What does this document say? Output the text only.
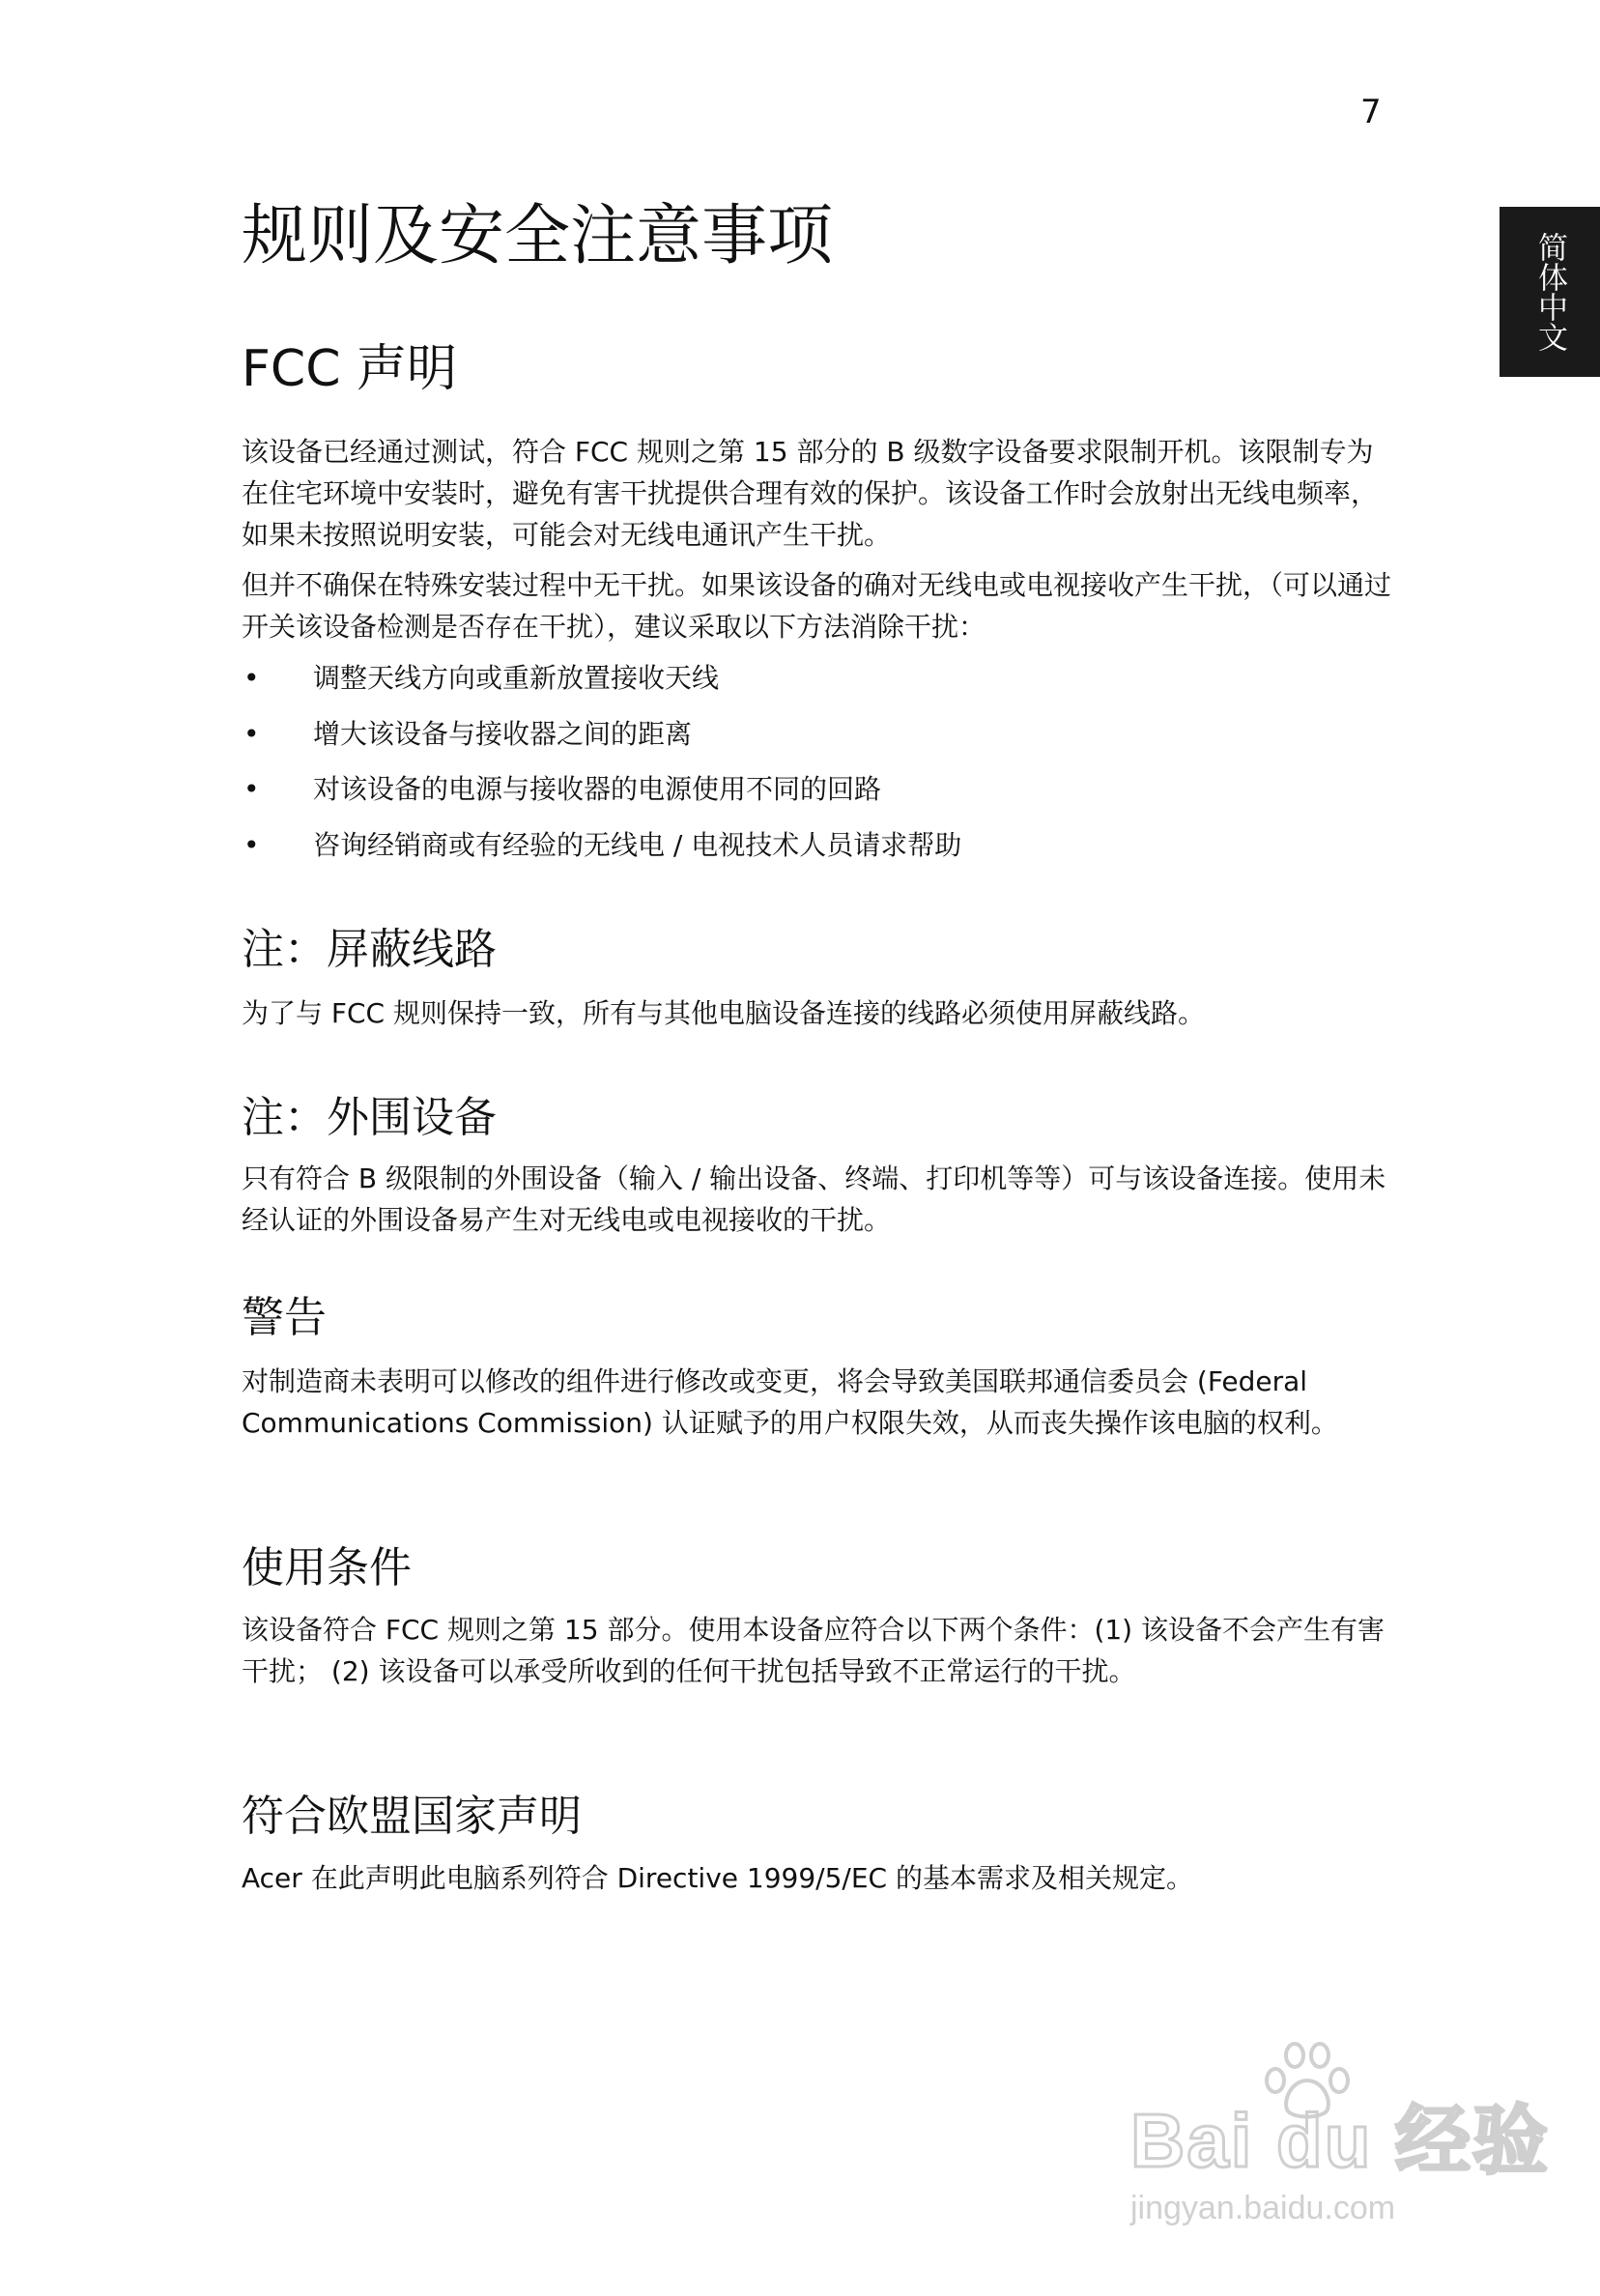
7
简体中文
规则及安全注意事项
FCC 声明

该设备已经通过测试，符合 FCC 规则之第 15 部分的 B 级数字设备要求限制开机。该限制专为在住宅环境中安装时，避免有害干扰提供合理有效的保护。该设备工作时会放射出无线电频率，如果未按照说明安装，可能会对无线电通讯产生干扰。

但并不确保在特殊安装过程中无干扰。如果该设备的确对无线电或电视接收产生干扰，（可以通过开关该设备检测是否存在干扰），建议采取以下方法消除干扰：

• 调整天线方向或重新放置接收天线
• 增大该设备与接收器之间的距离
• 对该设备的电源与接收器的电源使用不同的回路
• 咨询经销商或有经验的无线电 / 电视技术人员请求帮助
注：屏蔽线路

为了与 FCC 规则保持一致，所有与其他电脑设备连接的线路必须使用屏蔽线路。

注：外围设备

只有符合 B 级限制的外围设备（输入 / 输出设备、终端、打印机等等）可与该设备连接。使用未经认证的外围设备易产生对无线电或电视接收的干扰。

警告

对制造商未表明可以修改的组件进行修改或变更，将会导致美国联邦通信委员会 (Federal Communications Commission) 认证赋予的用户权限失效，从而丧失操作该电脑的权利。

使用条件

该设备符合 FCC 规则之第 15 部分。使用本设备应符合以下两个条件：(1) 该设备不会产生有害干扰； (2) 该设备可以承受所收到的任何干扰包括导致不正常运行的干扰。

符合欧盟国家声明

Acer 在此声明此电脑系列符合 Directive 1999/5/EC 的基本需求及相关规定。

Bai du 经验
jingyan.baidu.com
